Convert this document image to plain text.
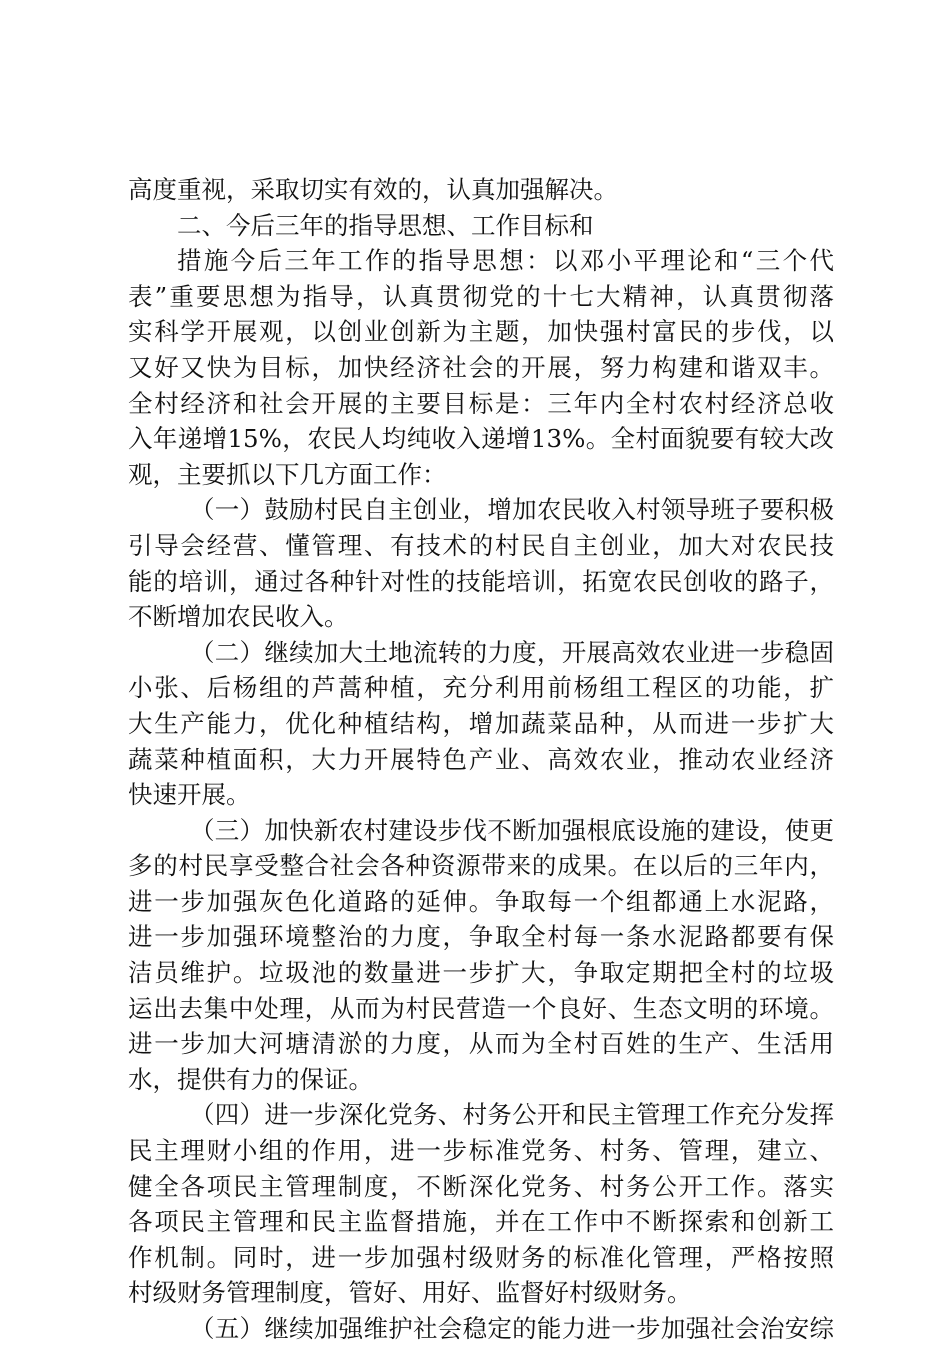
高度重视，采取切实有效的，认真加强解决。
二、今后三年的指导思想、工作目标和
措施今后三年工作的指导思想：以邓小平理论和“三个代
表”重要思想为指导，认真贯彻党的十七大精神，认真贯彻落
实科学开展观，以创业创新为主题，加快强村富民的步伐，以
又好又快为目标，加快经济社会的开展，努力构建和谐双丰。
全村经济和社会开展的主要目标是：三年内全村农村经济总收
入年递增15%，农民人均纯收入递增13%。全村面貌要有较大改
观，主要抓以下几方面工作：
（一）鼓励村民自主创业，增加农民收入村领导班子要积极
引导会经营、懂管理、有技术的村民自主创业，加大对农民技
能的培训，通过各种针对性的技能培训，拓宽农民创收的路子，
不断增加农民收入。
（二）继续加大土地流转的力度，开展高效农业进一步稳固
小张、后杨组的芦蒿种植，充分利用前杨组工程区的功能，扩
大生产能力，优化种植结构，增加蔬菜品种，从而进一步扩大
蔬菜种植面积，大力开展特色产业、高效农业，推动农业经济
快速开展。
（三）加快新农村建设步伐不断加强根底设施的建设，使更
多的村民享受整合社会各种资源带来的成果。在以后的三年内，
进一步加强灰色化道路的延伸。争取每一个组都通上水泥路，
进一步加强环境整治的力度，争取全村每一条水泥路都要有保
洁员维护。垃圾池的数量进一步扩大，争取定期把全村的垃圾
运出去集中处理，从而为村民营造一个良好、生态文明的环境。
进一步加大河塘清淤的力度，从而为全村百姓的生产、生活用
水，提供有力的保证。
（四）进一步深化党务、村务公开和民主管理工作充分发挥
民主理财小组的作用，进一步标准党务、村务、管理，建立、
健全各项民主管理制度，不断深化党务、村务公开工作。落实
各项民主管理和民主监督措施，并在工作中不断探索和创新工
作机制。同时，进一步加强村级财务的标准化管理，严格按照
村级财务管理制度，管好、用好、监督好村级财务。
（五）继续加强维护社会稳定的能力进一步加强社会治安综
